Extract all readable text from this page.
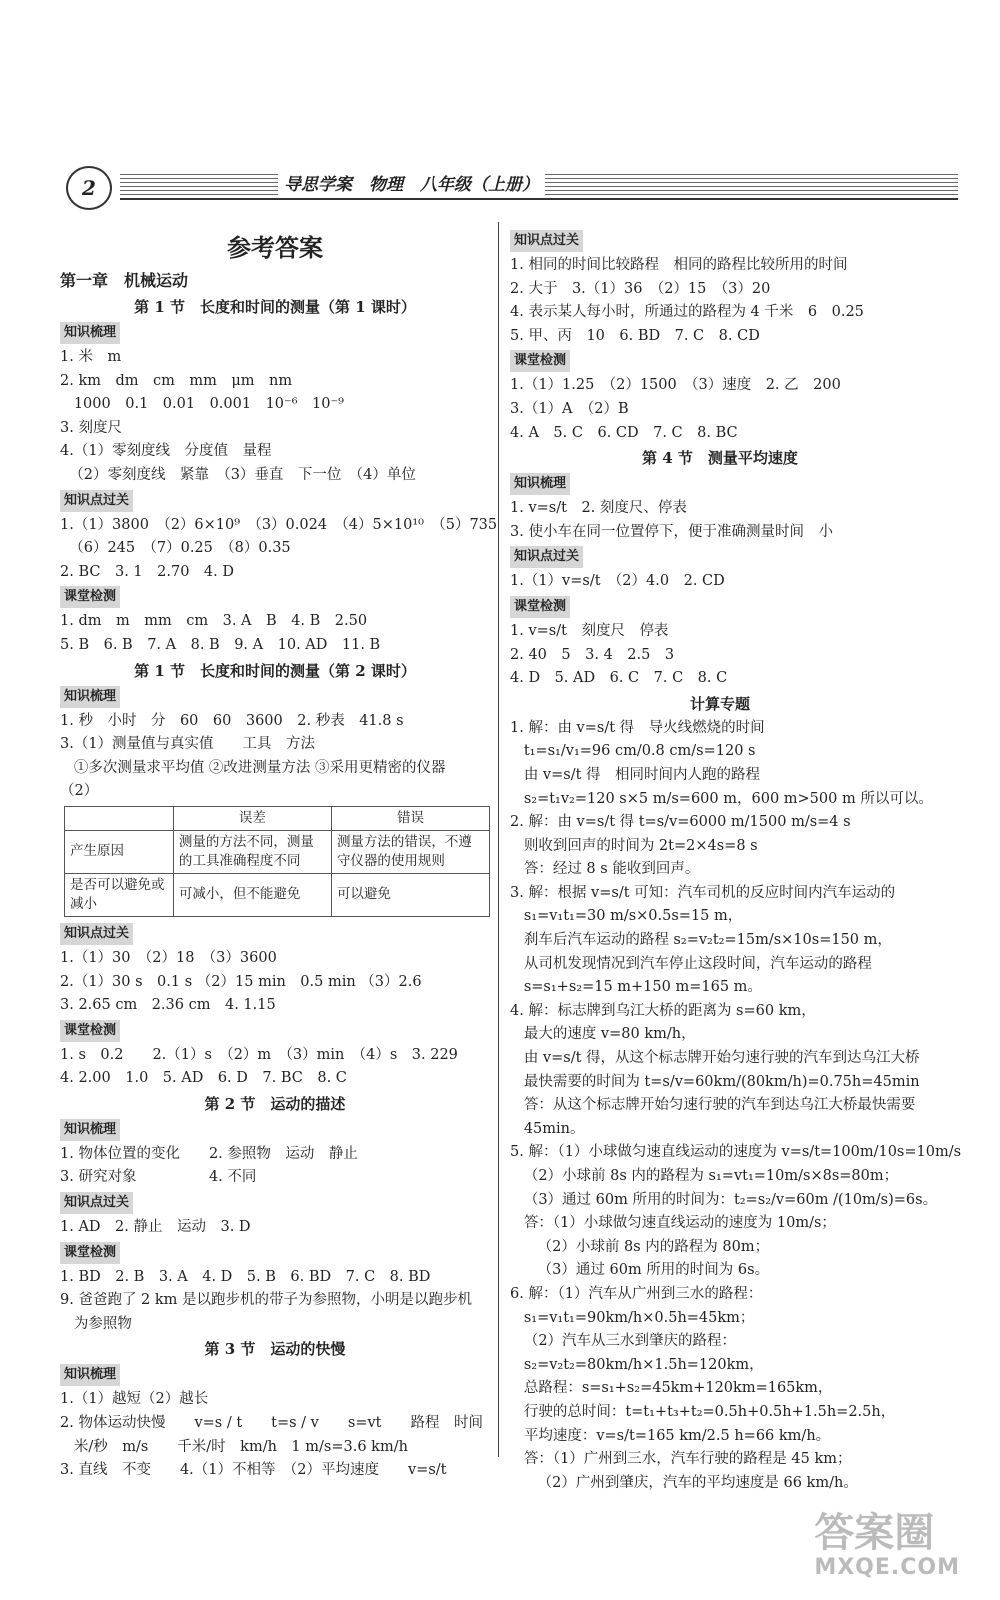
2	导思学案　物理　八年级（上册）
参考答案
第一章　机械运动
第 1 节　长度和时间的测量（第 1 课时）
知识梳理
1. 米　m
2. km　dm　cm　mm　μm　nm
1000　0.1　0.01　0.001　10⁻⁶　10⁻⁹
3. 刻度尺
4.（1）零刻度线　分度值　量程
（2）零刻度线　紧靠　（3）垂直　下一位　（4）单位
知识点过关
1.（1）3800　（2）6×10⁹　（3）0.024　（4）5×10¹⁰　（5）735
（6）245　（7）0.25　（8）0.35
2. BC　3. 1　2.70　4. D
课堂检测
1. dm　m　mm　cm　3. A　B　4. B　2.50
5. B　6. B　7. A　8. B　9. A　10. AD　11. B
第 1 节　长度和时间的测量（第 2 课时）
知识梳理
1. 秒　小时　分　60　60　3600　2. 秒表　41.8 s
3.（1）测量值与真实值　　工具　方法
①多次测量求平均值 ②改进测量方法 ③采用更精密的仪器
（2）
	误差	错误
产生原因	测量的方法不同，测量的工具准确程度不同	测量方法的错误，不遵守仪器的使用规则
是否可以避免或减小	可减小，但不能避免	可以避免
知识点过关
1.（1）30　（2）18　（3）3600
2.（1）30 s　0.1 s （2）15 min　0.5 min （3）2.6
3. 2.65 cm　2.36 cm　4. 1.15
课堂检测
1. s　0.2　　2.（1）s　（2）m　（3）min　（4）s　3. 229
4. 2.00　1.0　5. AD　6. D　7. BC　8. C
第 2 节　运动的描述
知识梳理
1. 物体位置的变化　　2. 参照物　运动　静止
3. 研究对象　　　　　4. 不同
知识点过关
1. AD　2. 静止　运动　3. D
课堂检测
1. BD　2. B　3. A　4. D　5. B　6. BD　7. C　8. BD
9. 爸爸跑了 2 km 是以跑步机的带子为参照物，小明是以跑步机
为参照物
第 3 节　运动的快慢
知识梳理
1.（1）越短（2）越长
2. 物体运动快慢　　v=s / t　　t=s / v　　s=vt　　路程　时间
米/秒　m/s　　千米/时　km/h　1 m/s=3.6 km/h
3. 直线　不变　　4.（1）不相等　（2）平均速度　　v=s/t
知识点过关
1. 相同的时间比较路程　相同的路程比较所用的时间
2. 大于　3.（1）36　（2）15　（3）20
4. 表示某人每小时，所通过的路程为 4 千米　6　0.25
5. 甲、丙　10　6. BD　7. C　8. CD
课堂检测
1.（1）1.25　（2）1500　（3）速度　2. 乙　200
3.（1）A　（2）B
4. A　5. C　6. CD　7. C　8. BC
第 4 节　测量平均速度
知识梳理
1. v=s/t　2. 刻度尺、停表
3. 使小车在同一位置停下，便于准确测量时间　小
知识点过关
1.（1）v=s/t　（2）4.0　2. CD
课堂检测
1. v=s/t　刻度尺　停表
2. 40　5　3. 4　2.5　3
4. D　5. AD　6. C　7. C　8. C
计算专题
1. 解：由 v=s/t 得　导火线燃烧的时间
t₁=s₁/v₁=96 cm/0.8 cm/s=120 s
由 v=s/t 得　相同时间内人跑的路程
s₂=t₁v₂=120 s×5 m/s=600 m，600 m>500 m 所以可以。
2. 解：由 v=s/t 得 t=s/v=6000 m/1500 m/s=4 s
则收到回声的时间为 2t=2×4s=8 s
答：经过 8 s 能收到回声。
3. 解：根据 v=s/t 可知：汽车司机的反应时间内汽车运动的
s₁=v₁t₁=30 m/s×0.5s=15 m，
刹车后汽车运动的路程 s₂=v₂t₂=15m/s×10s=150 m，
从司机发现情况到汽车停止这段时间，汽车运动的路程
s=s₁+s₂=15 m+150 m=165 m。
4. 解：标志牌到乌江大桥的距离为 s=60 km，
最大的速度 v=80 km/h，
由 v=s/t 得，从这个标志牌开始匀速行驶的汽车到达乌江大桥
最快需要的时间为 t=s/v=60km/(80km/h)=0.75h=45min
答：从这个标志牌开始匀速行驶的汽车到达乌江大桥最快需要
45min。
5. 解：（1）小球做匀速直线运动的速度为 v=s/t=100m/10s=10m/s
（2）小球前 8s 内的路程为 s₁=vt₁=10m/s×8s=80m；
（3）通过 60m 所用的时间为：t₂=s₂/v=60m /(10m/s)=6s。
答：（1）小球做匀速直线运动的速度为 10m/s；
（2）小球前 8s 内的路程为 80m；
（3）通过 60m 所用的时间为 6s。
6. 解：（1）汽车从广州到三水的路程：
s₁=v₁t₁=90km/h×0.5h=45km；
（2）汽车从三水到肇庆的路程：
s₂=v₂t₂=80km/h×1.5h=120km，
总路程：s=s₁+s₂=45km+120km=165km，
行驶的总时间：t=t₁+t₃+t₂=0.5h+0.5h+1.5h=2.5h，
平均速度：v=s/t=165 km/2.5 h=66 km/h。
答：（1）广州到三水，汽车行驶的路程是 45 km；
（2）广州到肇庆，汽车的平均速度是 66 km/h。
答案圈
MXQE.COM
